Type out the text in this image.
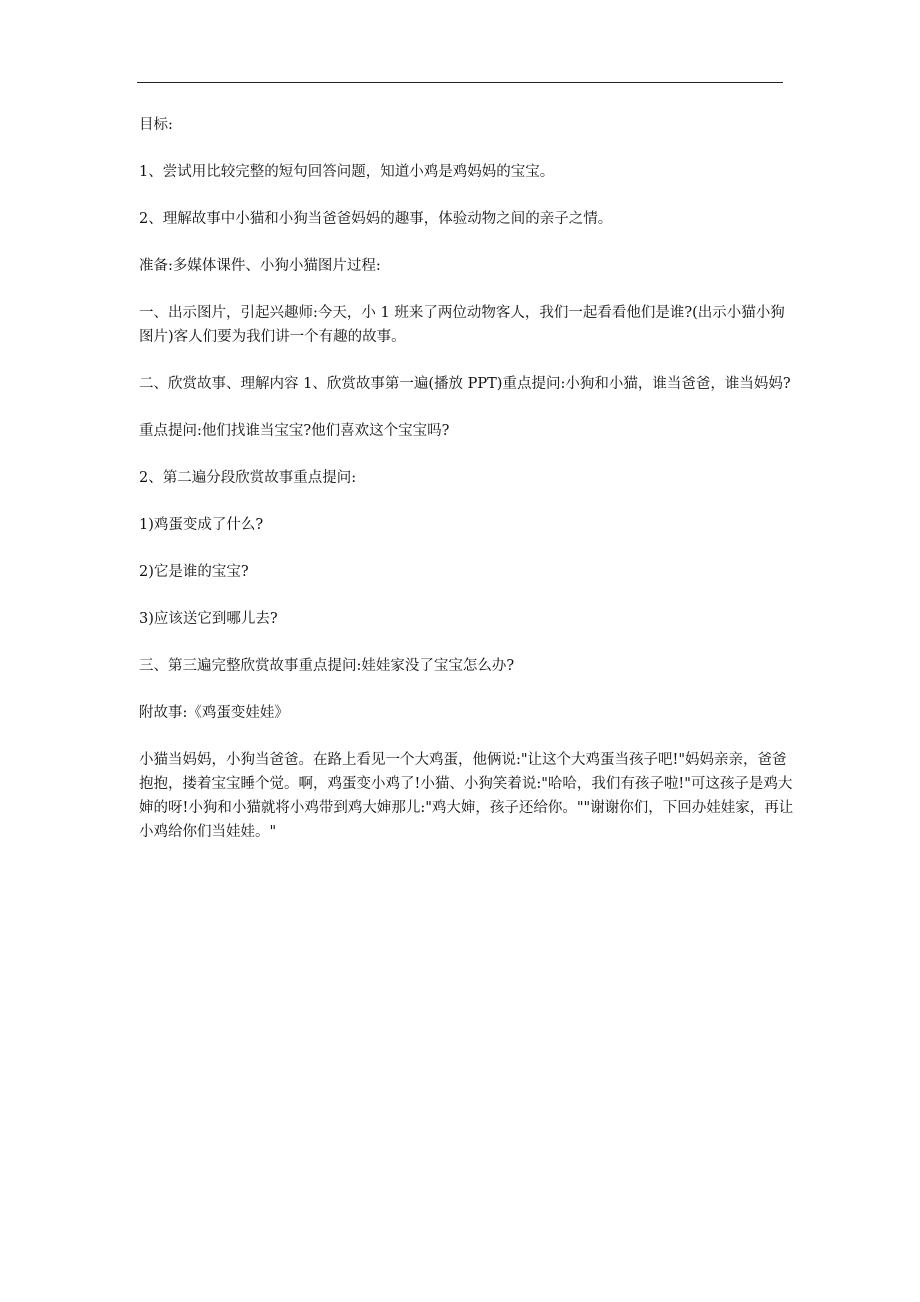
目标:

1、尝试用比较完整的短句回答问题，知道小鸡是鸡妈妈的宝宝。

2、理解故事中小猫和小狗当爸爸妈妈的趣事，体验动物之间的亲子之情。

准备:多媒体课件、小狗小猫图片过程:

一、出示图片，引起兴趣师:今天，小 1 班来了两位动物客人，我们一起看看他们是谁?(出示小猫小狗图片)客人们要为我们讲一个有趣的故事。

二、欣赏故事、理解内容 1、欣赏故事第一遍(播放 PPT)重点提问:小狗和小猫，谁当爸爸，谁当妈妈?

重点提问:他们找谁当宝宝?他们喜欢这个宝宝吗?

2、第二遍分段欣赏故事重点提问:

1)鸡蛋变成了什么?

2)它是谁的宝宝?

3)应该送它到哪儿去?

三、第三遍完整欣赏故事重点提问:娃娃家没了宝宝怎么办?

附故事:《鸡蛋变娃娃》

小猫当妈妈，小狗当爸爸。在路上看见一个大鸡蛋，他俩说:"让这个大鸡蛋当孩子吧!"妈妈亲亲，爸爸抱抱，搂着宝宝睡个觉。啊，鸡蛋变小鸡了!小猫、小狗笑着说:"哈哈，我们有孩子啦!"可这孩子是鸡大婶的呀!小狗和小猫就将小鸡带到鸡大婶那儿:"鸡大婶，孩子还给你。""谢谢你们，下回办娃娃家，再让小鸡给你们当娃娃。"
